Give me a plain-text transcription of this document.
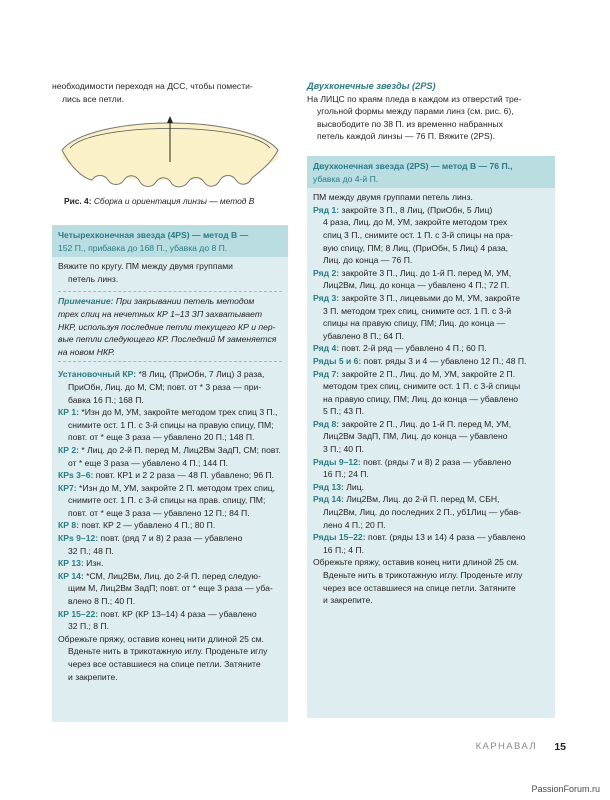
необходимости переходя на ДСС, чтобы помести-

лись все петли.

Рис. 4: Сборка и ориентация линзы — метод B

Четырехконечная звезда (4PS) — метод B —

152 П., прибавка до 168 П., убавка до 8 П.

Вяжите по кругу. ПМ между двумя группами

петель линз.

Примечание: При закрывании петель методом

трех спиц на нечетных КР 1–13 ЗП захватывает

НКР, используя последние петли текущего КР и пер-

вые петли следующего КР. Последний М заменяется

на новом НКР.

Установочный КР: *8 Лиц, (ПриОбн, 7 Лиц) 3 раза,

ПриОбн, Лиц. до М, СМ; повт. от * 3 раза — при-

бавка 16 П.; 168 П.

КР 1: *Изн до М, УМ, закройте методом трех спиц 3 П.,

снимите ост. 1 П. с 3-й спицы на правую спицу, ПМ;

повт. от * еще 3 раза — убавлено 20 П.; 148 П.

КР 2: * Лиц. до 2-й П. перед М, Лиц2Вм ЗадП, СМ; повт.

от * еще 3 раза — убавлено 4 П.; 144 П.

КРs 3–6: повт. КР1 и 2 2 раза — 48 П. убавлено; 96 П.

КР7: *Изн до М, УМ, закройте 2 П. методом трех спиц,

снимите ост. 1 П. с 3-й спицы на прав. спицу, ПМ;

повт. от * еще 3 раза — убавлено 12 П.; 84 П.

КР 8: повт. КР 2 — убавлено 4 П.; 80 П.

КРs 9–12: повт. (ряд 7 и 8) 2 раза — убавлено

32 П.; 48 П.

КР 13: Изн.

КР 14: *СМ, Лиц2Вм, Лиц. до 2-й П. перед следую-

щим М, Лиц2Вм ЗадП; повт. от * еще 3 раза — уба-

влено 8 П.; 40 П.

КР 15–22: повт. КР (КР 13–14) 4 раза — убавлено

32 П.; 8 П.

Обрежьте пряжу, оставив конец нити длиной 25 см.

Вденьте нить в трикотажную иглу. Проденьте иглу

через все оставшиеся на спице петли. Затяните

и закрепите.

Двухконечные звезды (2PS)

На ЛИЦС по краям пледа в каждом из отверстий тре-

угольной формы между парами линз (см. рис. 6),

высвободите по 38 П. из временно набранных

петель каждой линзы — 76 П. Вяжите (2PS).

Двухконечная звезда (2PS) — метод B — 76 П.,

убавка до 4-й П.

ПМ между двумя группами петель линз.

Ряд 1: закройте 3 П., 8 Лиц, (ПриОбн, 5 Лиц)

4 раза, Лиц. до М, УМ, закройте методом трех

спиц 3 П., снимите ост. 1 П. с 3-й спицы на пра-

вую спицу, ПМ; 8 Лиц, (ПриОбн, 5 Лиц) 4 раза,

Лиц. до конца — 76 П.

Ряд 2: закройте 3 П., Лиц. до 1-й П. перед М, УМ,

Лиц2Вм, Лиц. до конца — убавлено 4 П.; 72 П.

Ряд 3: закройте 3 П., лицевыми до М, УМ, закройте

3 П. методом трех спиц, снимите ост. 1 П. с 3-й

спицы на правую спицу, ПМ; Лиц. до конца —

убавлено 8 П.; 64 П.

Ряд 4: повт. 2-й ряд — убавлено 4 П.; 60 П.

Ряды 5 и 6: повт. ряды 3 и 4 — убавлено 12 П.; 48 П.

Ряд 7: закройте 2 П., Лиц. до М, УМ, закройте 2 П.

методом трех спиц, снимите ост. 1 П. с 3-й спицы

на правую спицу, ПМ; Лиц. до конца — убавлено

5 П.; 43 П.

Ряд 8: закройте 2 П., Лиц. до 1-й П. перед М, УМ,

Лиц2Вм ЗадП, ПМ, Лиц. до конца — убавлено

3 П.; 40 П.

Ряды 9–12: повт. (ряды 7 и 8) 2 раза — убавлено

16 П.; 24 П.

Ряд 13: Лиц.

Ряд 14: Лиц2Вм, Лиц. до 2-й П. перед М, СБН,

Лиц2Вм, Лиц. до последних 2 П., уб1Лиц — убав-

лено 4 П.; 20 П.

Ряды 15–22: повт. (ряды 13 и 14) 4 раза — убавлено

16 П.; 4 П.

Обрежьте пряжу, оставив конец нити длиной 25 см.

Вденьте нить в трикотажную иглу. Проденьте иглу

через все оставшиеся на спице петли. Затяните

и закрепите.

КАРНАВАЛ 15
PassionForum.ru
